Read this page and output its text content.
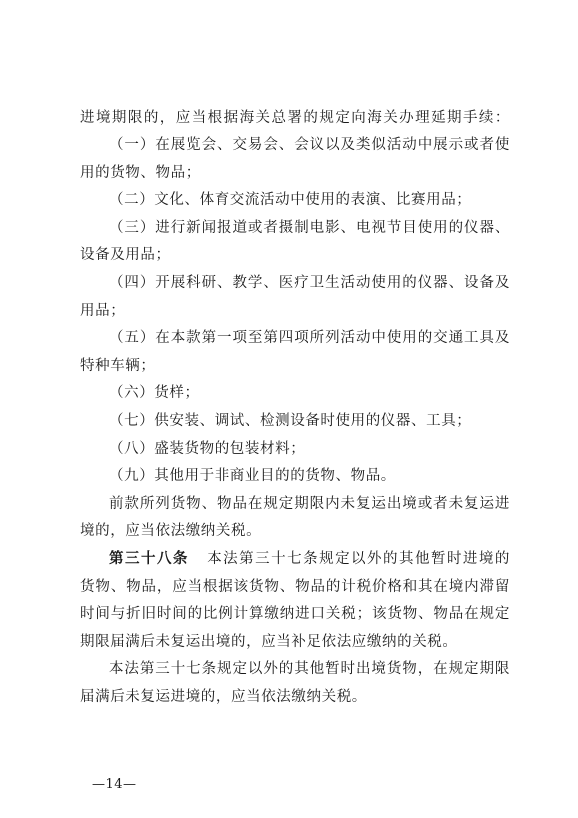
进境期限的，应当根据海关总署的规定向海关办理延期手续：
（一）在展览会、交易会、会议以及类似活动中展示或者使
用的货物、物品；
（二）文化、体育交流活动中使用的表演、比赛用品；
（三）进行新闻报道或者摄制电影、电视节目使用的仪器、
设备及用品；
（四）开展科研、教学、医疗卫生活动使用的仪器、设备及
用品；
（五）在本款第一项至第四项所列活动中使用的交通工具及
特种车辆；
（六）货样；
（七）供安装、调试、检测设备时使用的仪器、工具；
（八）盛装货物的包装材料；
（九）其他用于非商业目的的货物、物品。
前款所列货物、物品在规定期限内未复运出境或者未复运进
境的，应当依法缴纳关税。
第三十八条 本法第三十七条规定以外的其他暂时进境的
货物、物品，应当根据该货物、物品的计税价格和其在境内滞留
时间与折旧时间的比例计算缴纳进口关税；该货物、物品在规定
期限届满后未复运出境的，应当补足依法应缴纳的关税。
本法第三十七条规定以外的其他暂时出境货物，在规定期限
届满后未复运进境的，应当依法缴纳关税。
—14—
